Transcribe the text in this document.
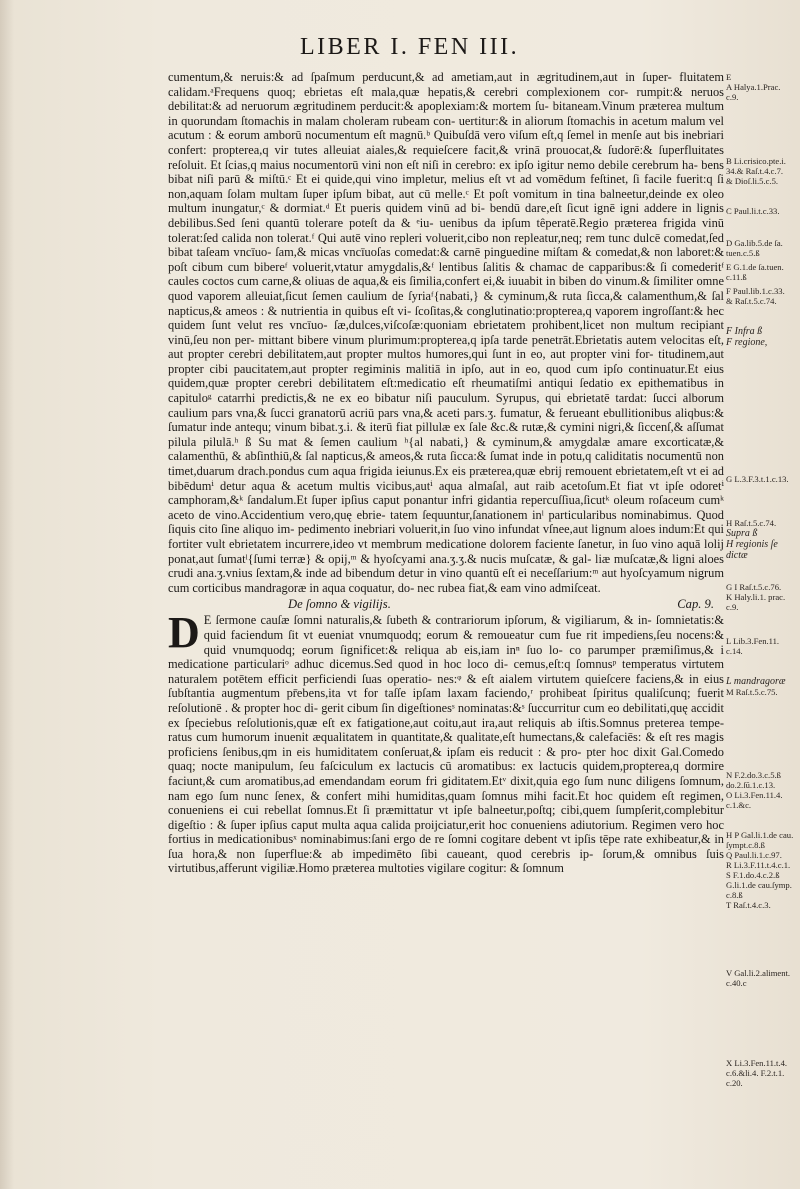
LIBER I. FEN III.

cumentum,& neruis:& ad ſpaſmum perducunt,& ad ametiam,aut in ægritudinem,aut in ſuper- fluitatem calidam.ᵃFrequens quoq; ebrietas eſt mala,quæ hepatis,& cerebri complexionem cor- rumpit:& neruos debilitat:& ad neruorum ægritudinem perducit:& apoplexiam:& mortem ſu- bitaneam.Vinum præterea multum in quorundam ſtomachis in malam choleram rubeam con- uertitur:& in aliorum ſtomachis in acetum malum vel acutum : & eorum amborū nocumentum eſt magnū.ᵇ Quibuſdā vero viſum eſt,q ſemel in menſe aut bis inebriari confert: propterea,q vir tutes alleuiat aiales,& requieſcere facit,& vrinā prouocat,& ſudorē:& ſuperfluitates reſoluit. Et ſcias,q maius nocumentorū vini non eſt niſi in cerebro: ex ipſo igitur nemo debile cerebrum ha- bens bibat niſi parū & miſtū.ᶜ Et ei quide,qui vino impletur, melius eſt vt ad vomēdum feſtinet, ſi facile fuerit:q ſi non,aquam ſolam multam ſuper ipſum bibat, aut cū melle.ᶜ Et poſt vomitum in tina balneetur,deinde ex oleo multum inungatur,ᶜ & dormiat.ᵈ Et pueris quidem vinū ad bi- bendū dare,eſt ſicut ignē igni addere in lignis debilibus.Sed ſeni quantū tolerare poteſt da & ᵉiu- uenibus da ipſum têperatē.Regio præterea frigida vinū tolerat:ſed calida non tolerat.ᶠ Qui autē vino repleri voluerit,cibo non repleatur,neq; rem tunc dulcē comedat,ſed bibat taſeam vncīuo- ſam,& micas vncīuoſas comedat:& carnē pinguedine miſtam & comedat,& non laboret:& poſt cibum cum bibereᶠ voluerit,vtatur amygdalis,&ᶠ lentibus ſalitis & chamac de capparibus:& ſi comederitᶠ caules coctos cum carne,& oliuas de aqua,& eis ſimilia,confert ei,& iuuabit in biben do vinum.& ſimiliter omne quod vaporem alleuiat,ſicut ſemen caulium de ſyriaᶠ{nabati,} & cyminum,& ruta ſicca,& calamenthum,& ſal napticus,& ameos : & nutrientia in quibus eſt vi- ſcoſitas,& conglutinatio:propterea,q vaporem ingroſſant:& hec quidem ſunt velut res vncīuo- ſæ,dulces,viſcoſæ:quoniam ebrietatem prohibent,licet non multum recipiant vinū,ſeu non per- mittant bibere vinum plurimum:propterea,q ipſa tarde penetrāt.Ebrietatis autem velocitas eſt, aut propter cerebri debilitatem,aut propter multos humores,qui ſunt in eo, aut propter vini for- titudinem,aut propter cibi paucitatem,aut propter regiminis malitiā in ipſo, aut in eo, quod cum ipſo continuatur.Et eius quidem,quæ propter cerebri debilitatem eſt:medicatio eſt rheumatiſmi antiqui ſedatio ex epithematibus in capituloᵍ catarrhi predictis,& ne ex eo bibatur niſi pauculum. Syrupus, qui ebrietatē tardat: ſucci alborum caulium pars vna,& ſucci granatorū acriū pars vna,& aceti pars.ʒ. fumatur, & ferueant ebullitionibus aliqbus:& ſumatur inde antequ; vinum bibat.ʒ.i. & iterū fiat pillulæ ex ſale &c.& rutæ,& cymini nigri,& ſiccenſ,& aſſumat pilula pilulā.ʰ ß Su mat & ſemen caulium ʰ{al nabati,} & cyminum,& amygdalæ amare excorticatæ,& calamenthū, & abſinthiū,& ſal napticus,& ameos,& ruta ſicca:& ſumat inde in potu,q caliditatis nocumentū non timet,duarum drach.pondus cum aqua frigida ieiunus.Ex eis præterea,quæ ebrij remouent ebrietatem,eſt vt ei ad bibēdumⁱ detur aqua & acetum multis vicibus,autⁱ aqua almaſal, aut raib acetoſum.Et fiat vt ipſe odoretⁱ camphoram,&ᵏ ſandalum.Et ſuper ipſius caput ponantur infri gidantia repercuſſiua,ſicutᵏ oleum roſaceum cumᵏ aceto de vino.Accidentium vero,quę ebrie- tatem ſequuntur,ſanationem inˡ particularibus nominabimus. Quod ſiquis cito ſine aliquo im- pedimento inebriari voluerit,in ſuo vino infundat vſnee,aut lignum aloes indum:Et qui fortiter vult ebrietatem incurrere,ideo vt membrum medicatione dolorem faciente ſanetur, in ſuo vino aquā lolij ponat,aut ſumatˡ{ſumi terræ} & opij,ᵐ & hyoſcyami ana.ʒ.ʒ.& nucis muſcatæ, & gal- liæ muſcatæ,& ligni aloes crudi ana.ʒ.vnius ſextam,& inde ad bibendum detur in vino quantū eſt ei neceſſarium:ᵐ aut hyoſcyamum nigrum cum corticibus mandragoræ in aqua coquatur, do- nec rubea fiat,& eam vino admiſceat.

De ſomno & vigilijs.	Cap. 9.
D E ſermone cauſæ ſomni naturalis,& ſubeth & contrariorum ipſorum, & vigiliarum, & in- ſomnietatis:& quid faciendum ſit vt eueniat vnumquodq; eorum & remoueatur cum fue rit impediens,ſeu nocens:& quid vnumquodq; eorum ſignificet:& reliqua ab eis,iam inⁿ ſuo lo- co parumper præmiſimus,& i medicatione particulariᵒ adhuc dicemus.Sed quod in hoc loco di- cemus,eſt:q ſomnusᵖ temperatus virtutem naturalem potētem efficit perficiendi ſuas operatio- nes:ᵠ & eſt aialem virtutem quieſcere faciens,& in eius ſubſtantia augmentum pr̄ebens,ita vt for taſſe ipſam laxam faciendo,ʳ prohibeat ſpiritus qualiſcunq; fuerit reſolutionē . & propter hoc di- gerit cibum ſin digeſtionesˢ nominatas:&ˢ ſuccurritur cum eo debilitati,quę accidit ex ſpeciebus reſolutionis,quæ eſt ex fatigatione,aut coitu,aut ira,aut reliquis ab iſtis.Somnus preterea tempe- ratus cum humorum inuenit æqualitatem in quantitate,& qualitate,eſt humectans,& calefaciēs: & eſt res magis proficiens ſenibus,qm in eis humiditatem conſeruat,& ipſam eis reducit : & pro- pter hoc dixit Gal.Comedo quaq; nocte manipulum, ſeu faſciculum ex lactucis cū aromatibus: ex lactucis quidem,propterea,q dormire faciunt,& cum aromatibus,ad emendandam eorum fri giditatem.Etᵛ dixit,quia ego ſum nunc diligens ſomnum, nam ego ſum nunc ſenex, & confert mihi humiditas,quam ſomnus mihi facit.Et hoc quidem eſt regimen, conueniens ei cui rebellat ſomnus.Et ſi præmittatur vt ipſe balneetur,poſtq; cibi,quem ſumpſerit,complebitur digeſtio : & ſuper ipſius caput multa aqua calida proijciatur,erit hoc conueniens adiutorium. Regimen vero hoc fortius in medicationibusˣ nominabimus:ſani ergo de re ſomni cogitare debent vt ipſis tēpe rate exhibeatur,& in ſua hora,& non ſuperflue:& ab impedimēto ſibi caueant, quod cerebris ip- ſorum,& omnibus ſuis virtutibus,afferunt vigiliæ.Homo præterea multoties vigilare cogitur: & ſomnum

E
A Halya.1.Prac.
c.9.
B Li.crisico.pte.i.
34.& Raſ.t.4.c.7.
& Dioſ.li.5.c.5.
C Paul.li.t.c.33.
D Ga.lib.5.de ſa.
tuen.c.5.ß
E G.1.de ſa.tuen.
c.11.ß
F Paul.lib.1.c.33.
& Raſ.t.5.c.74.
F Infra ß
F regione,
G L.3.F.3.t.1.c.13.
H Raſ.t.5.c.74.
Supra ß
H regionis ſe
dictæ
G I Raſ.t.5.c.76.
K Haly.li.1. prac.
c.9.
L Lib.3.Fen.11.
c.14.
L mandragoræ
M Raſ.t.5.c.75.
N F.2.do.3.c.5.ß
do.2.ſū.1.c.13.
O Li.3.Fen.11.4.
c.1.&c.
H P Gal.li.1.de cau.
ſympt.c.8.ß
Q Paul.li.1.c.97.
R Li.3.F.11.t.4.c.1.
S F.1.do.4.c.2.ß
G.li.1.de cau.ſymp.
c.8.ß
T Raſ.t.4.c.3.
V Gal.li.2.aliment.
c.40.c
X Li.3.Fen.11.t.4.
c.6.&li.4. F.2.t.1.
c.20.
